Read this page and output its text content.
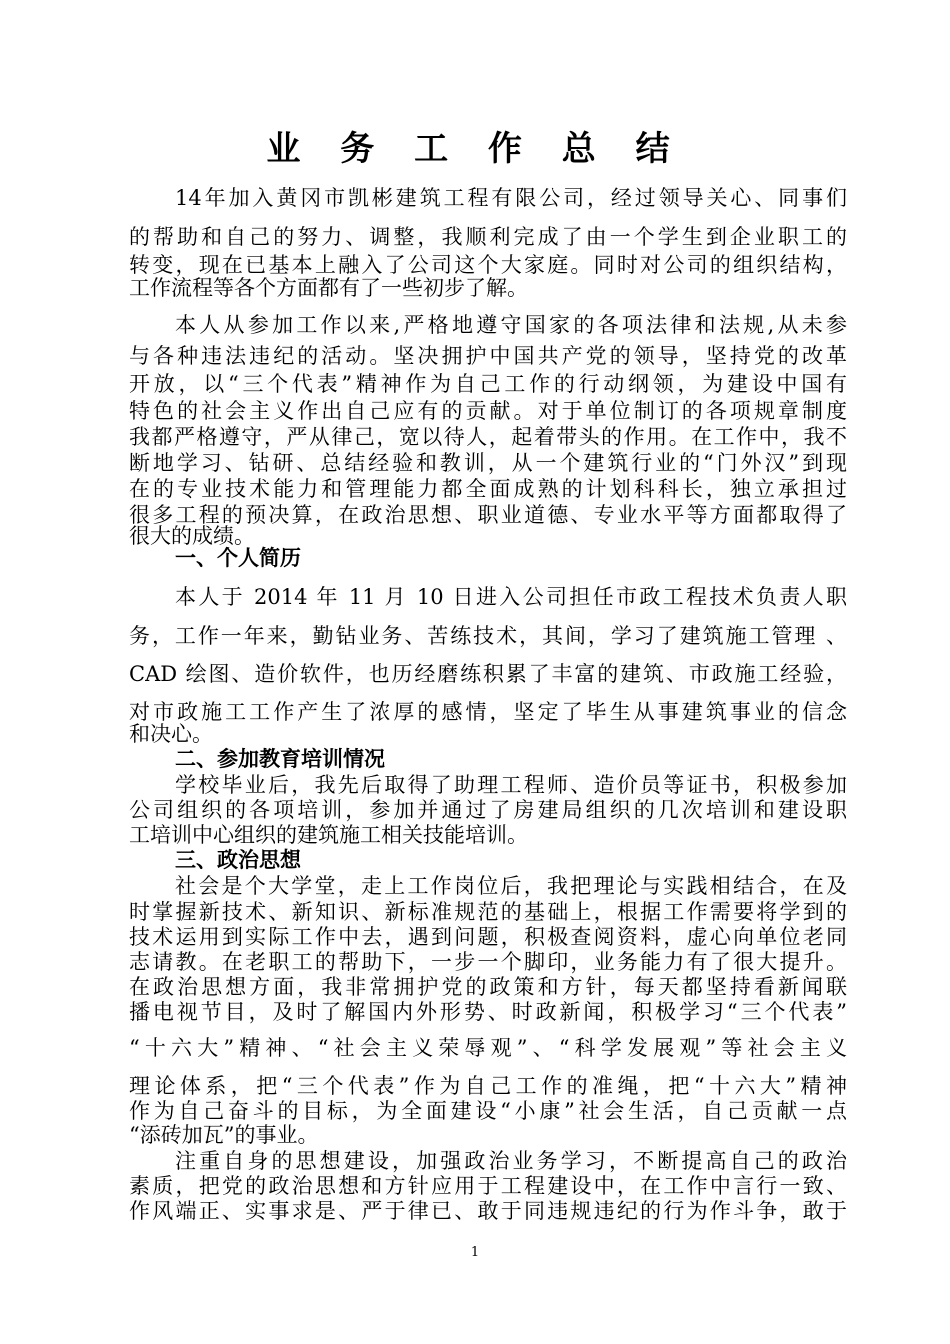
业 务 工 作 总 结
14年加入黄冈市凯彬建筑工程有限公司，经过领导关心、同事们
的帮助和自己的努力、调整，我顺利完成了由一个学生到企业职工的
转变，现在已基本上融入了公司这个大家庭。同时对公司的组织结构，
工作流程等各个方面都有了一些初步了解。
本人从参加工作以来,严格地遵守国家的各项法律和法规,从未参
与各种违法违纪的活动。坚决拥护中国共产党的领导，坚持党的改革
开放，以“三个代表”精神作为自己工作的行动纲领，为建设中国有
特色的社会主义作出自己应有的贡献。对于单位制订的各项规章制度
我都严格遵守，严从律己，宽以待人，起着带头的作用。在工作中，我不
断地学习、钻研、总结经验和教训，从一个建筑行业的“门外汉”到现
在的专业技术能力和管理能力都全面成熟的计划科科长，独立承担过
很多工程的预决算，在政治思想、职业道德、专业水平等方面都取得了
很大的成绩。
一、个人简历
本人于 2014 年 11 月 10 日进入公司担任市政工程技术负责人职
务，工作一年来，勤钻业务、苦练技术，其间，学习了建筑施工管理 、
CAD 绘图、造价软件，也历经磨练积累了丰富的建筑、市政施工经验，
对市政施工工作产生了浓厚的感情，坚定了毕生从事建筑事业的信念
和决心。
二、参加教育培训情况
学校毕业后，我先后取得了助理工程师、造价员等证书，积极参加
公司组织的各项培训，参加并通过了房建局组织的几次培训和建设职
工培训中心组织的建筑施工相关技能培训。
三、政治思想
社会是个大学堂，走上工作岗位后，我把理论与实践相结合，在及
时掌握新技术、新知识、新标准规范的基础上，根据工作需要将学到的
技术运用到实际工作中去，遇到问题，积极查阅资料，虚心向单位老同
志请教。在老职工的帮助下，一步一个脚印，业务能力有了很大提升。
在政治思想方面，我非常拥护党的政策和方针，每天都坚持看新闻联
播电视节目，及时了解国内外形势、时政新闻，积极学习“三个代表”
“十六大”精神、“社会主义荣辱观”、“科学发展观”等社会主义
理论体系，把“三个代表”作为自己工作的准绳，把“十六大”精神
作为自己奋斗的目标，为全面建设“小康”社会生活，自己贡献一点
“添砖加瓦”的事业。
注重自身的思想建设，加强政治业务学习，不断提高自己的政治
素质，把党的政治思想和方针应用于工程建设中，在工作中言行一致、
作风端正、实事求是、严于律已、敢于同违规违纪的行为作斗争，敢于
1
